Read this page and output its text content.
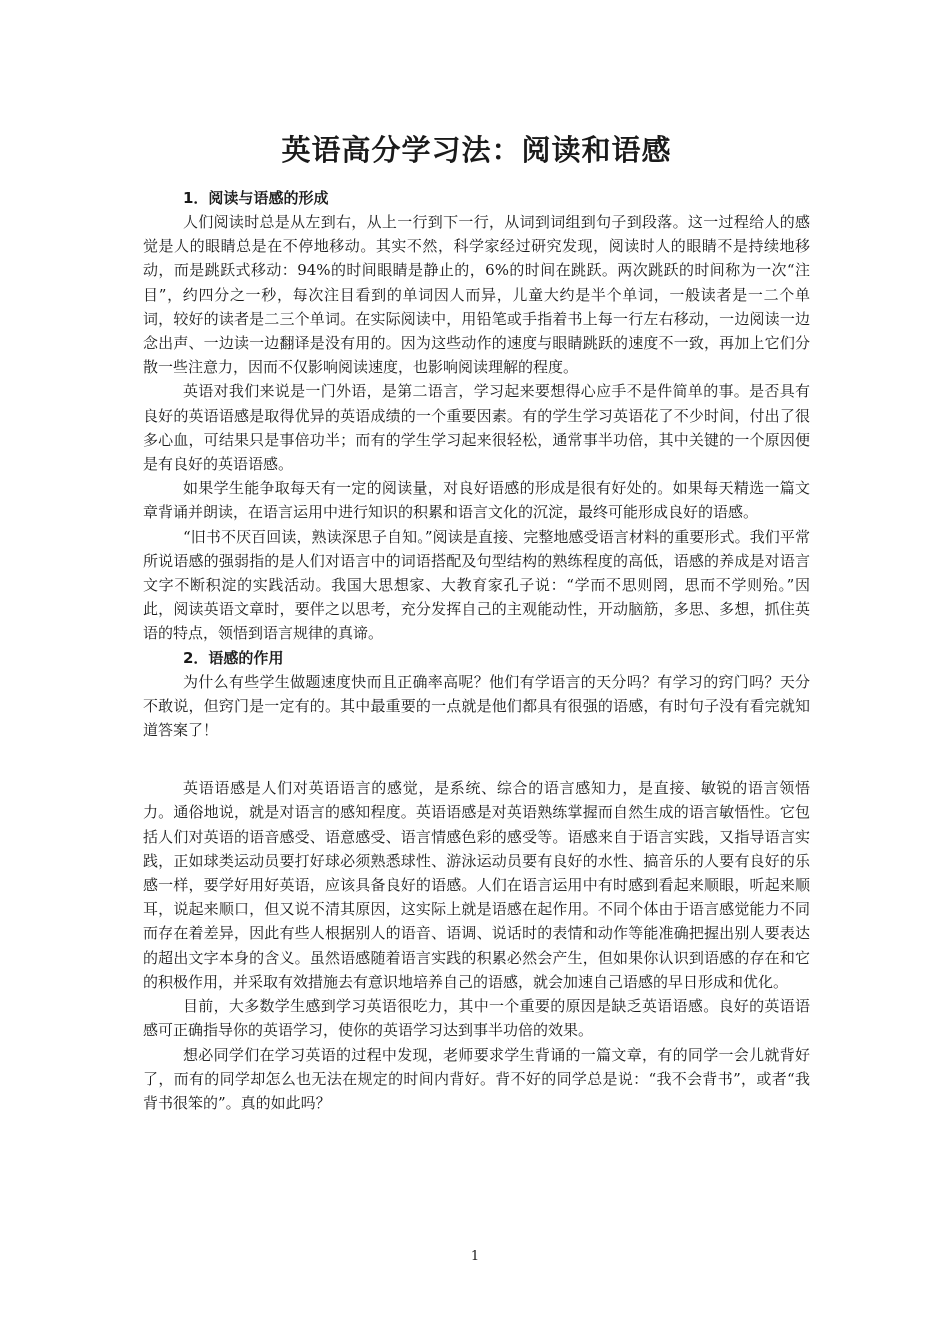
英语高分学习法：阅读和语感
1．阅读与语感的形成

人们阅读时总是从左到右，从上一行到下一行，从词到词组到句子到段落。这一过程给人的感觉是人的眼睛总是在不停地移动。其实不然，科学家经过研究发现，阅读时人的眼睛不是持续地移动，而是跳跃式移动：94%的时间眼睛是静止的，6%的时间在跳跃。两次跳跃的时间称为一次“注目”，约四分之一秒，每次注目看到的单词因人而异，儿童大约是半个单词，一般读者是一二个单词，较好的读者是二三个单词。在实际阅读中，用铅笔或手指着书上每一行左右移动，一边阅读一边念出声、一边读一边翻译是没有用的。因为这些动作的速度与眼睛跳跃的速度不一致，再加上它们分散一些注意力，因而不仅影响阅读速度，也影响阅读理解的程度。

英语对我们来说是一门外语，是第二语言，学习起来要想得心应手不是件简单的事。是否具有良好的英语语感是取得优异的英语成绩的一个重要因素。有的学生学习英语花了不少时间，付出了很多心血，可结果只是事倍功半；而有的学生学习起来很轻松，通常事半功倍，其中关键的一个原因便是有良好的英语语感。

如果学生能争取每天有一定的阅读量，对良好语感的形成是很有好处的。如果每天精选一篇文章背诵并朗读，在语言运用中进行知识的积累和语言文化的沉淀，最终可能形成良好的语感。

“旧书不厌百回读，熟读深思子自知。”阅读是直接、完整地感受语言材料的重要形式。我们平常所说语感的强弱指的是人们对语言中的词语搭配及句型结构的熟练程度的高低，语感的养成是对语言文字不断积淀的实践活动。我国大思想家、大教育家孔子说：“学而不思则罔，思而不学则殆。”因此，阅读英语文章时，要伴之以思考，充分发挥自己的主观能动性，开动脑筋，多思、多想，抓住英语的特点，领悟到语言规律的真谛。

2．语感的作用

为什么有些学生做题速度快而且正确率高呢？他们有学语言的天分吗？有学习的窍门吗？天分不敢说，但窍门是一定有的。其中最重要的一点就是他们都具有很强的语感，有时句子没有看完就知道答案了！

英语语感是人们对英语语言的感觉，是系统、综合的语言感知力，是直接、敏锐的语言领悟力。通俗地说，就是对语言的感知程度。英语语感是对英语熟练掌握而自然生成的语言敏悟性。它包括人们对英语的语音感受、语意感受、语言情感色彩的感受等。语感来自于语言实践，又指导语言实践，正如球类运动员要打好球必须熟悉球性、游泳运动员要有良好的水性、搞音乐的人要有良好的乐感一样，要学好用好英语，应该具备良好的语感。人们在语言运用中有时感到看起来顺眼，听起来顺耳，说起来顺口，但又说不清其原因，这实际上就是语感在起作用。不同个体由于语言感觉能力不同而存在着差异，因此有些人根据别人的语音、语调、说话时的表情和动作等能准确把握出别人要表达的超出文字本身的含义。虽然语感随着语言实践的积累必然会产生，但如果你认识到语感的存在和它的积极作用，并采取有效措施去有意识地培养自己的语感，就会加速自己语感的早日形成和优化。

目前，大多数学生感到学习英语很吃力，其中一个重要的原因是缺乏英语语感。良好的英语语感可正确指导你的英语学习，使你的英语学习达到事半功倍的效果。

想必同学们在学习英语的过程中发现，老师要求学生背诵的一篇文章，有的同学一会儿就背好了，而有的同学却怎么也无法在规定的时间内背好。背不好的同学总是说：“我不会背书”，或者“我背书很笨的”。真的如此吗？

1
